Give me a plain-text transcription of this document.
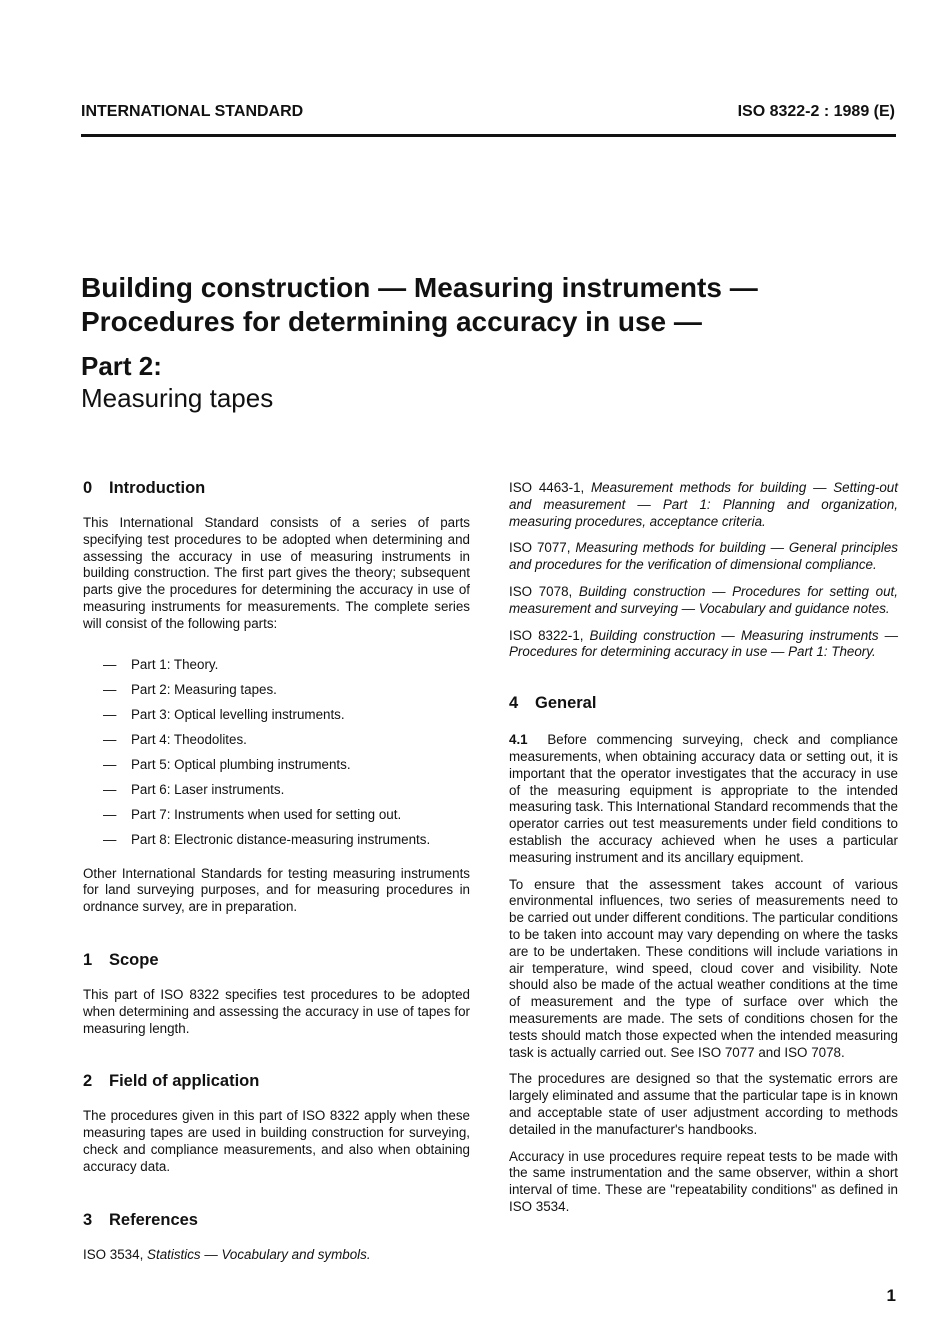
INTERNATIONAL STANDARD	ISO 8322-2 : 1989 (E)
Building construction — Measuring instruments —
Procedures for determining accuracy in use —
Part 2:
Measuring tapes
0 Introduction

This International Standard consists of a series of parts specifying test procedures to be adopted when determining and assessing the accuracy in use of measuring instruments in building construction. The first part gives the theory; subsequent parts give the procedures for determining the accuracy in use of measuring instruments for measurements. The complete series will consist of the following parts:

— Part 1: Theory.
— Part 2: Measuring tapes.
— Part 3: Optical levelling instruments.
— Part 4: Theodolites.
— Part 5: Optical plumbing instruments.
— Part 6: Laser instruments.
— Part 7: Instruments when used for setting out.
— Part 8: Electronic distance-measuring instruments.

Other International Standards for testing measuring instruments for land surveying purposes, and for measuring procedures in ordnance survey, are in preparation.

1 Scope

This part of ISO 8322 specifies test procedures to be adopted when determining and assessing the accuracy in use of tapes for measuring length.

2 Field of application

The procedures given in this part of ISO 8322 apply when these measuring tapes are used in building construction for surveying, check and compliance measurements, and also when obtaining accuracy data.

3 References

ISO 3534, Statistics — Vocabulary and symbols.

ISO 4463-1, Measurement methods for building — Setting-out and measurement — Part 1: Planning and organization, measuring procedures, acceptance criteria.

ISO 7077, Measuring methods for building — General principles and procedures for the verification of dimensional compliance.

ISO 7078, Building construction — Procedures for setting out, measurement and surveying — Vocabulary and guidance notes.

ISO 8322-1, Building construction — Measuring instruments — Procedures for determining accuracy in use — Part 1: Theory.

4 General

4.1 Before commencing surveying, check and compliance measurements, when obtaining accuracy data or setting out, it is important that the operator investigates that the accuracy in use of the measuring equipment is appropriate to the intended measuring task. This International Standard recommends that the operator carries out test measurements under field conditions to establish the accuracy achieved when he uses a particular measuring instrument and its ancillary equipment.

To ensure that the assessment takes account of various environmental influences, two series of measurements need to be carried out under different conditions. The particular conditions to be taken into account may vary depending on where the tasks are to be undertaken. These conditions will include variations in air temperature, wind speed, cloud cover and visibility. Note should also be made of the actual weather conditions at the time of measurement and the type of surface over which the measurements are made. The sets of conditions chosen for the tests should match those expected when the intended measuring task is actually carried out. See ISO 7077 and ISO 7078.

The procedures are designed so that the systematic errors are largely eliminated and assume that the particular tape is in known and acceptable state of user adjustment according to methods detailed in the manufacturer's handbooks.

Accuracy in use procedures require repeat tests to be made with the same instrumentation and the same observer, within a short interval of time. These are "repeatability conditions" as defined in ISO 3534.

1
